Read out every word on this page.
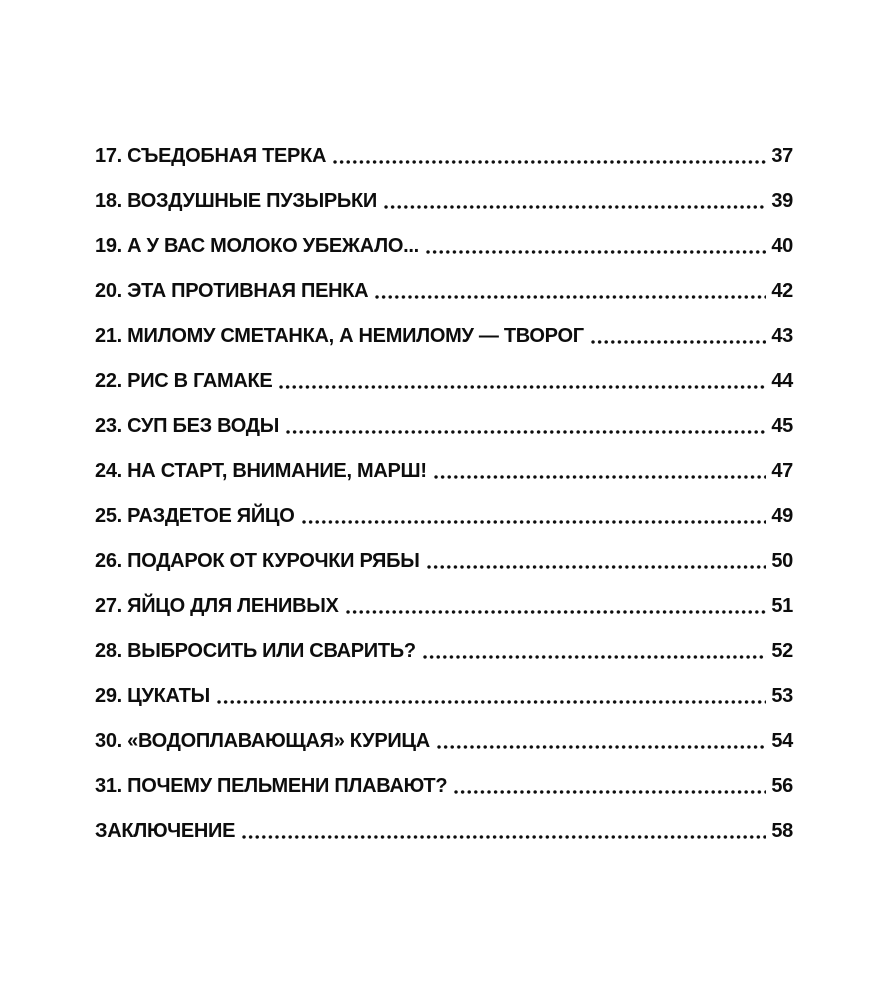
17. СЪЕДОБНАЯ ТЕРКА	37
18. ВОЗДУШНЫЕ ПУЗЫРЬКИ	39
19. А У ВАС МОЛОКО УБЕЖАЛО...	40
20. ЭТА ПРОТИВНАЯ ПЕНКА	42
21. МИЛОМУ СМЕТАНКА, А НЕМИЛОМУ — ТВОРОГ	43
22. РИС В ГАМАКЕ	44
23. СУП БЕЗ ВОДЫ	45
24. НА СТАРТ, ВНИМАНИЕ, МАРШ!	47
25. РАЗДЕТОЕ ЯЙЦО	49
26. ПОДАРОК ОТ КУРОЧКИ РЯБЫ	50
27. ЯЙЦО ДЛЯ ЛЕНИВЫХ	51
28. ВЫБРОСИТЬ ИЛИ СВАРИТЬ?	52
29. ЦУКАТЫ	53
30. «ВОДОПЛАВАЮЩАЯ» КУРИЦА	54
31. ПОЧЕМУ ПЕЛЬМЕНИ ПЛАВАЮТ?	56
ЗАКЛЮЧЕНИЕ	58
